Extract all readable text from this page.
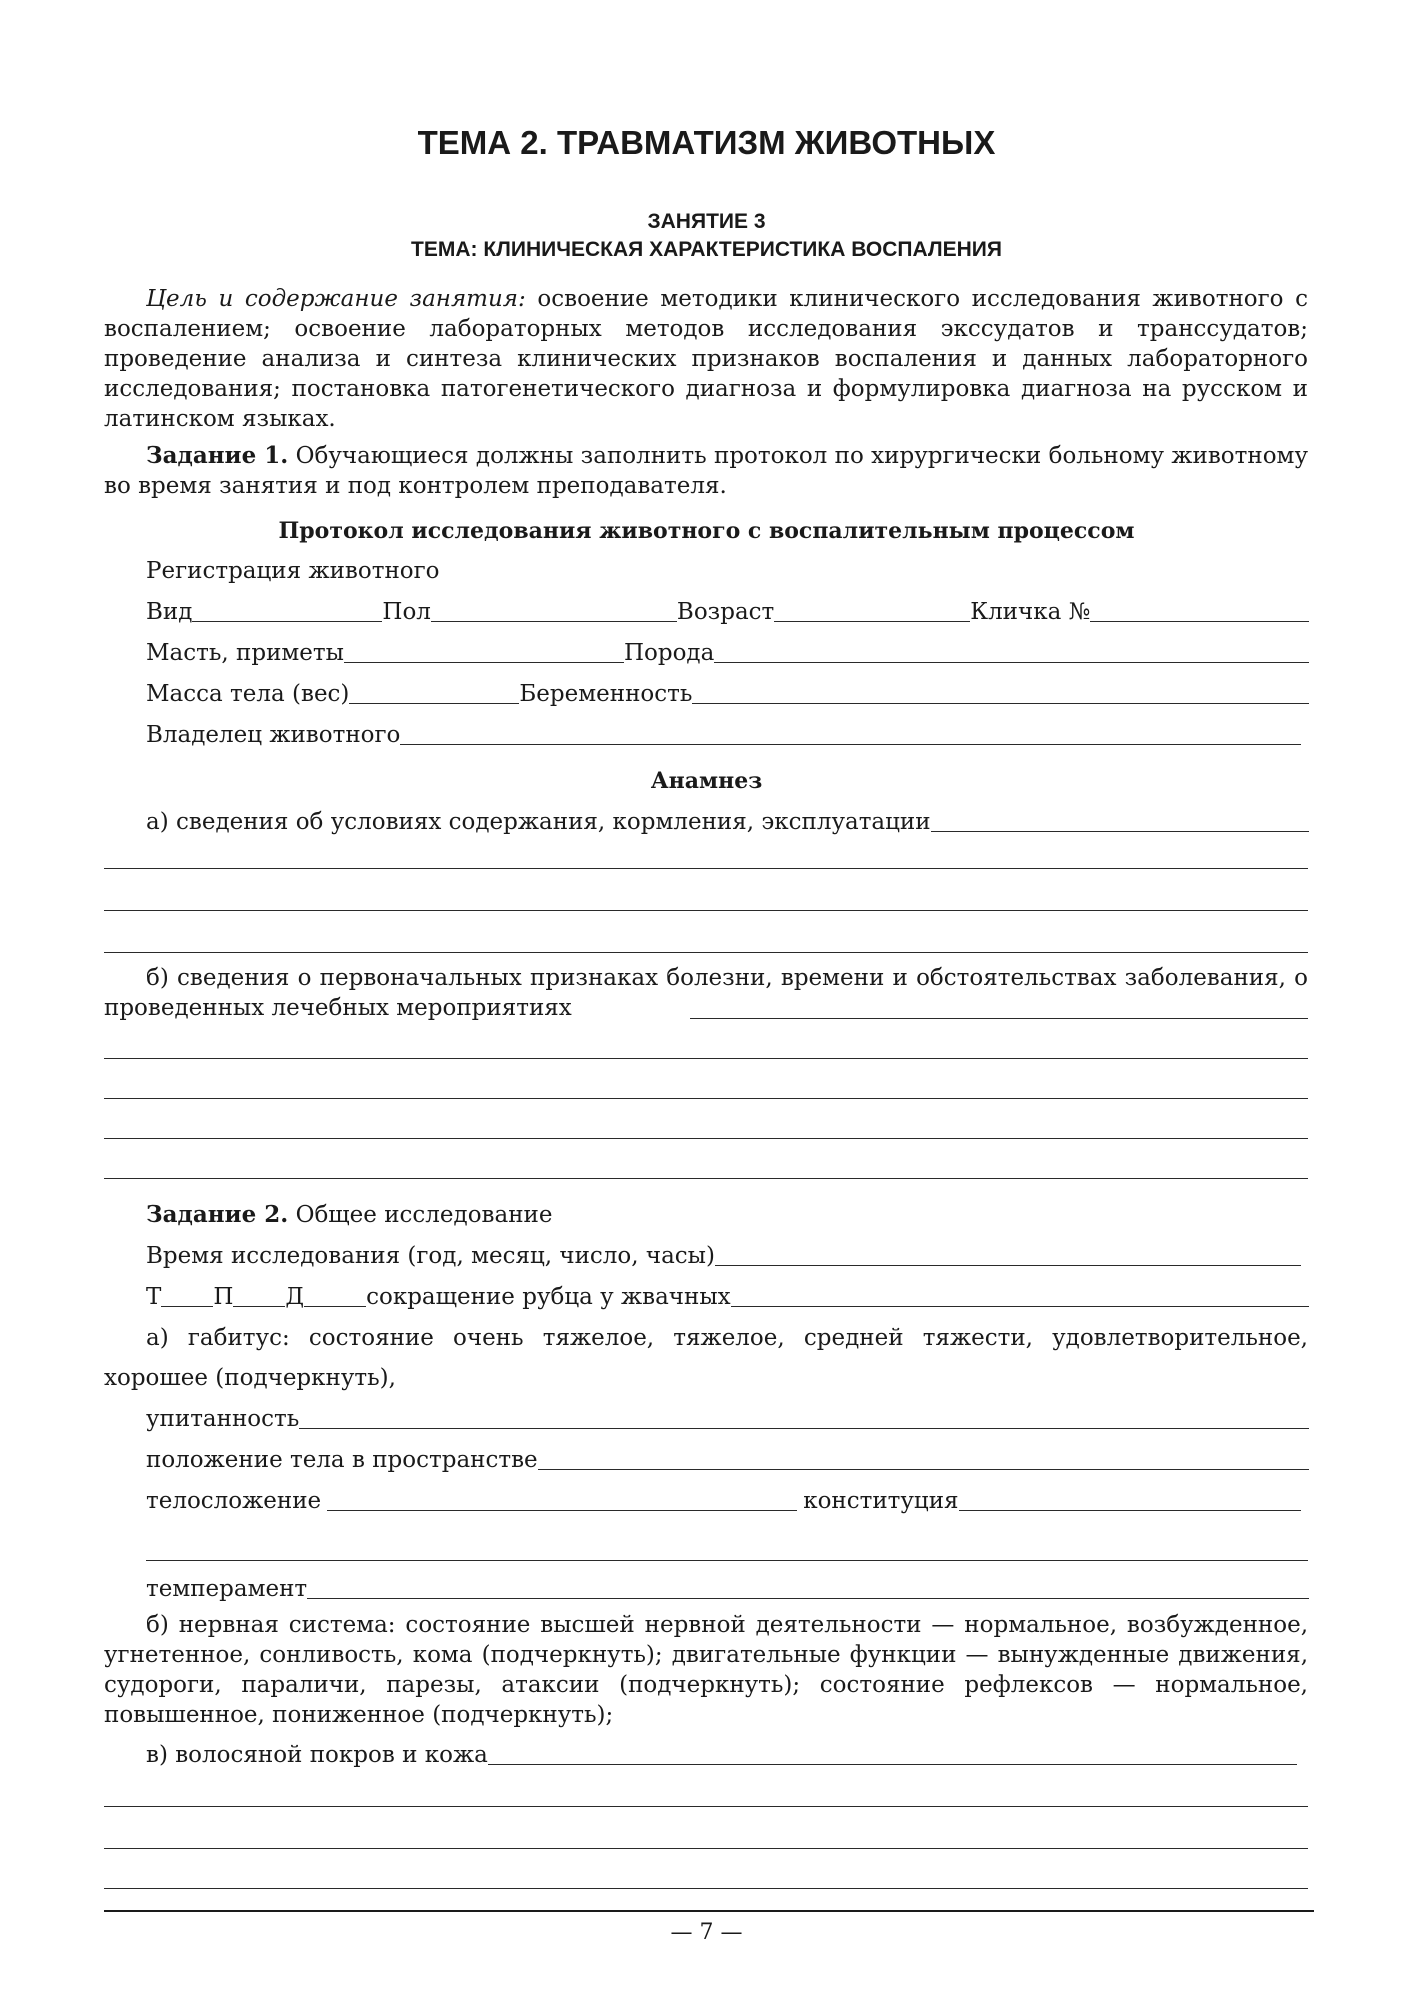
ТЕМА 2. ТРАВМАТИЗМ ЖИВОТНЫХ
ЗАНЯТИЕ 3
ТЕМА: КЛИНИЧЕСКАЯ ХАРАКТЕРИСТИКА ВОСПАЛЕНИЯ
Цель и содержание занятия: освоение методики клинического исследования животного с воспалением; освоение лабораторных методов исследования экссудатов и транссудатов; проведение анализа и синтеза клинических признаков воспаления и данных лабораторного исследования; постановка патогенетического диагноза и формулировка диагноза на русском и латинском языках.
Задание 1. Обучающиеся должны заполнить протокол по хирургически больному животному во время занятия и под контролем преподавателя.
Протокол исследования животного с воспалительным процессом
Регистрация животного
Вид	Пол	Возраст	Кличка №
Масть, приметы	Порода
Масса тела (вес)	Беременность
Владелец животного
Анамнез
а) сведения об условиях содержания, кормления, эксплуатации
б) сведения о первоначальных признаках болезни, времени и обстоятельствах заболевания, о проведенных лечебных мероприятиях
Задание 2. Общее исследование
Время исследования (год, месяц, число, часы)
Т П Д	сокращение рубца у жвачных
а) габитус: состояние очень тяжелое, тяжелое, средней тяжести, удовлетворительное, хорошее (подчеркнуть),
упитанность
положение тела в пространстве
телосложение	конституция
темперамент
б) нервная система: состояние высшей нервной деятельности — нормальное, возбужденное, угнетенное, сонливость, кома (подчеркнуть); двигательные функции — вынужденные движения, судороги, параличи, парезы, атаксии (подчеркнуть); состояние рефлексов — нормальное, повышенное, пониженное (подчеркнуть);
в) волосяной покров и кожа
— 7 —
